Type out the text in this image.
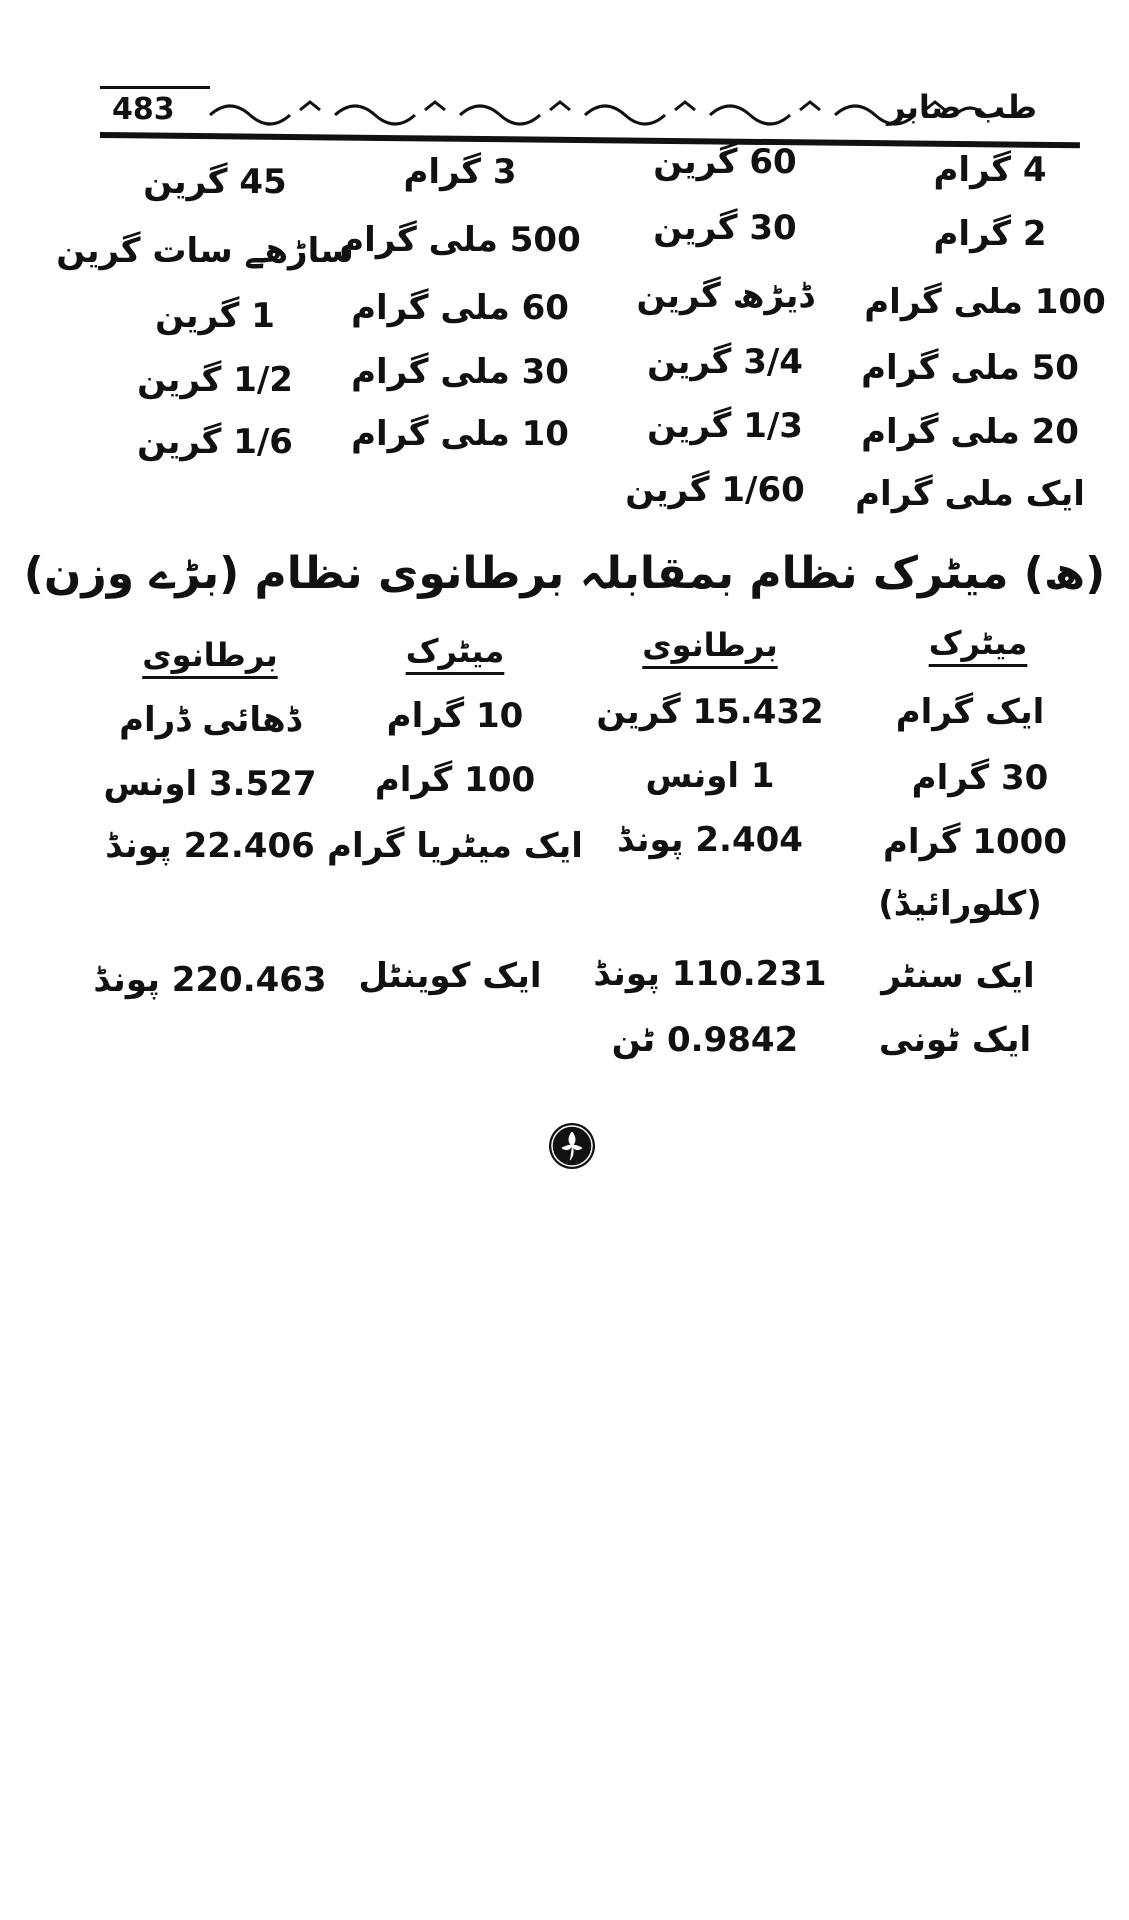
483	طب صابر
4 گرام
60 گرین
3 گرام
45 گرین
2 گرام
30 گرین
500 ملی گرام
ساڑھے سات گرین
100 ملی گرام
ڈیڑھ گرین
60 ملی گرام
1 گرین
50 ملی گرام
3/4 گرین
30 ملی گرام
1/2 گرین
20 ملی گرام
1/3 گرین
10 ملی گرام
1/6 گرین
ایک ملی گرام
1/60 گرین
(ھ) میٹرک نظام بمقابلہ برطانوی نظام (بڑے وزن)
میٹرک
برطانوی
میٹرک
برطانوی
ایک گرام
15.432 گرین
10 گرام
ڈھائی ڈرام
30 گرام
1 اونس
100 گرام
3.527 اونس
1000 گرام
2.404 پونڈ
ایک میٹریا گرام
22.406 پونڈ
(کلورائیڈ)
ایک سنٹر
110.231 پونڈ
ایک کوینٹل
220.463 پونڈ
ایک ٹونی
0.9842 ٹن
